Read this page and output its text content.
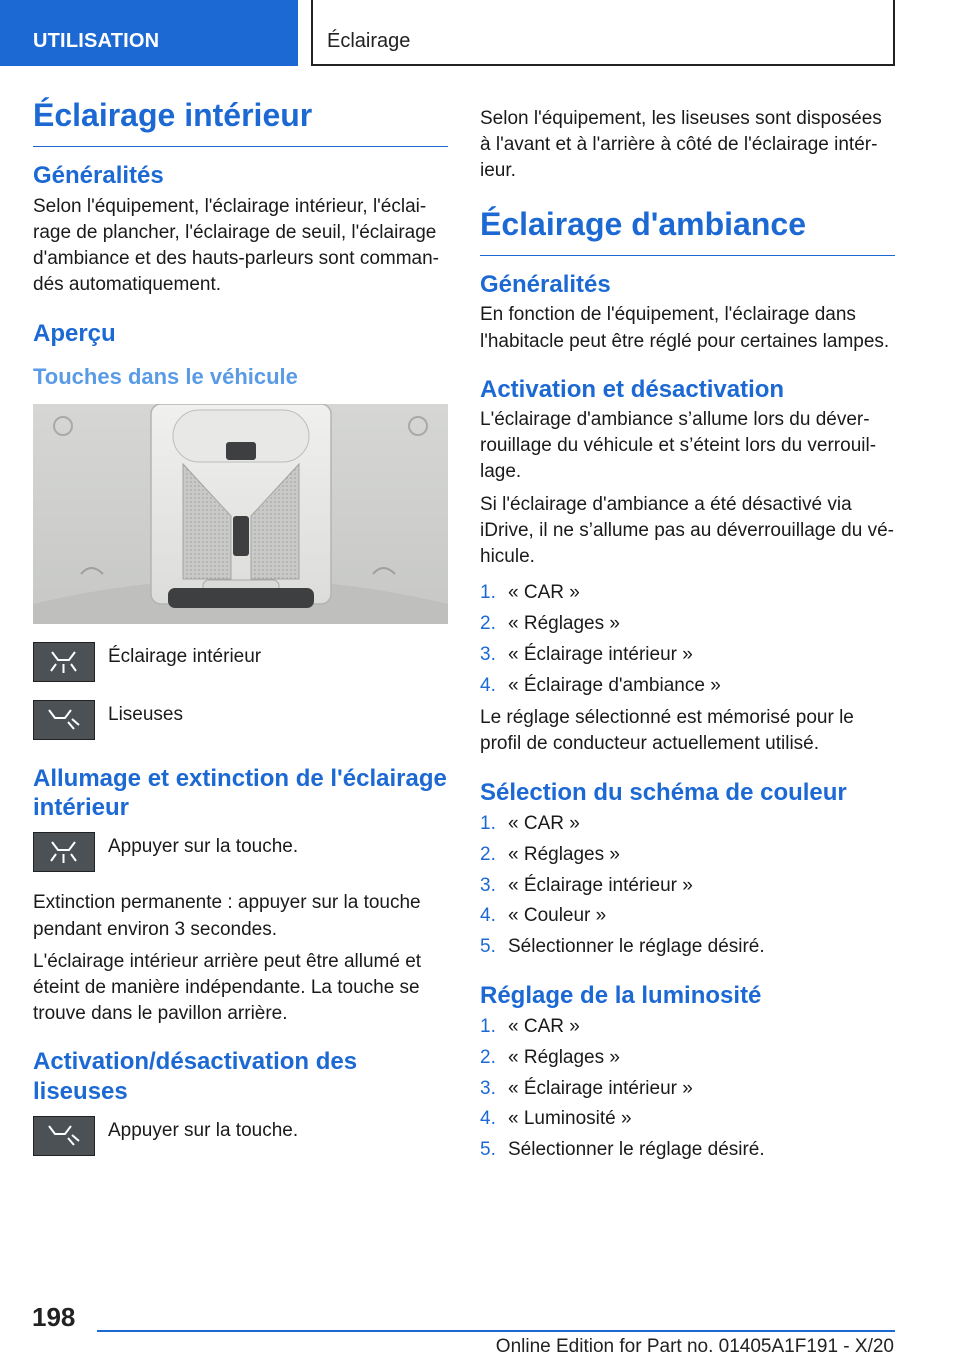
UTILISATION	Éclairage
Éclairage intérieur
Généralités

Selon l'équipement, l'éclairage intérieur, l'éclai-rage de plancher, l'éclairage de seuil, l'éclairage d'ambiance et des hauts-parleurs sont comman-dés automatiquement.

Aperçu
Touches dans le véhicule
Éclairage intérieur
Liseuses
Allumage et extinction de l'éclairage intérieur
Appuyer sur la touche.

Extinction permanente : appuyer sur la touche pendant environ 3 secondes.

L'éclairage intérieur arrière peut être allumé et éteint de manière indépendante. La touche se trouve dans le pavillon arrière.

Activation/désactivation des liseuses
Appuyer sur la touche.

Selon l'équipement, les liseuses sont disposées à l'avant et à l'arrière à côté de l'éclairage intér-ieur.

Éclairage d'ambiance
Généralités

En fonction de l'équipement, l'éclairage dans l'habitacle peut être réglé pour certaines lampes.

Activation et désactivation

L'éclairage d'ambiance s’allume lors du déver-rouillage du véhicule et s’éteint lors du verrouil-lage.

Si l'éclairage d'ambiance a été désactivé via iDrive, il ne s’allume pas au déverrouillage du vé-hicule.

1. « CAR »
2. « Réglages »
3. « Éclairage intérieur »
4. « Éclairage d'ambiance »

Le réglage sélectionné est mémorisé pour le profil de conducteur actuellement utilisé.

Sélection du schéma de couleur
1. « CAR »
2. « Réglages »
3. « Éclairage intérieur »
4. « Couleur »
5. Sélectionner le réglage désiré.
Réglage de la luminosité
1. « CAR »
2. « Réglages »
3. « Éclairage intérieur »
4. « Luminosité »
5. Sélectionner le réglage désiré.
198
Online Edition for Part no. 01405A1F191 - X/20
